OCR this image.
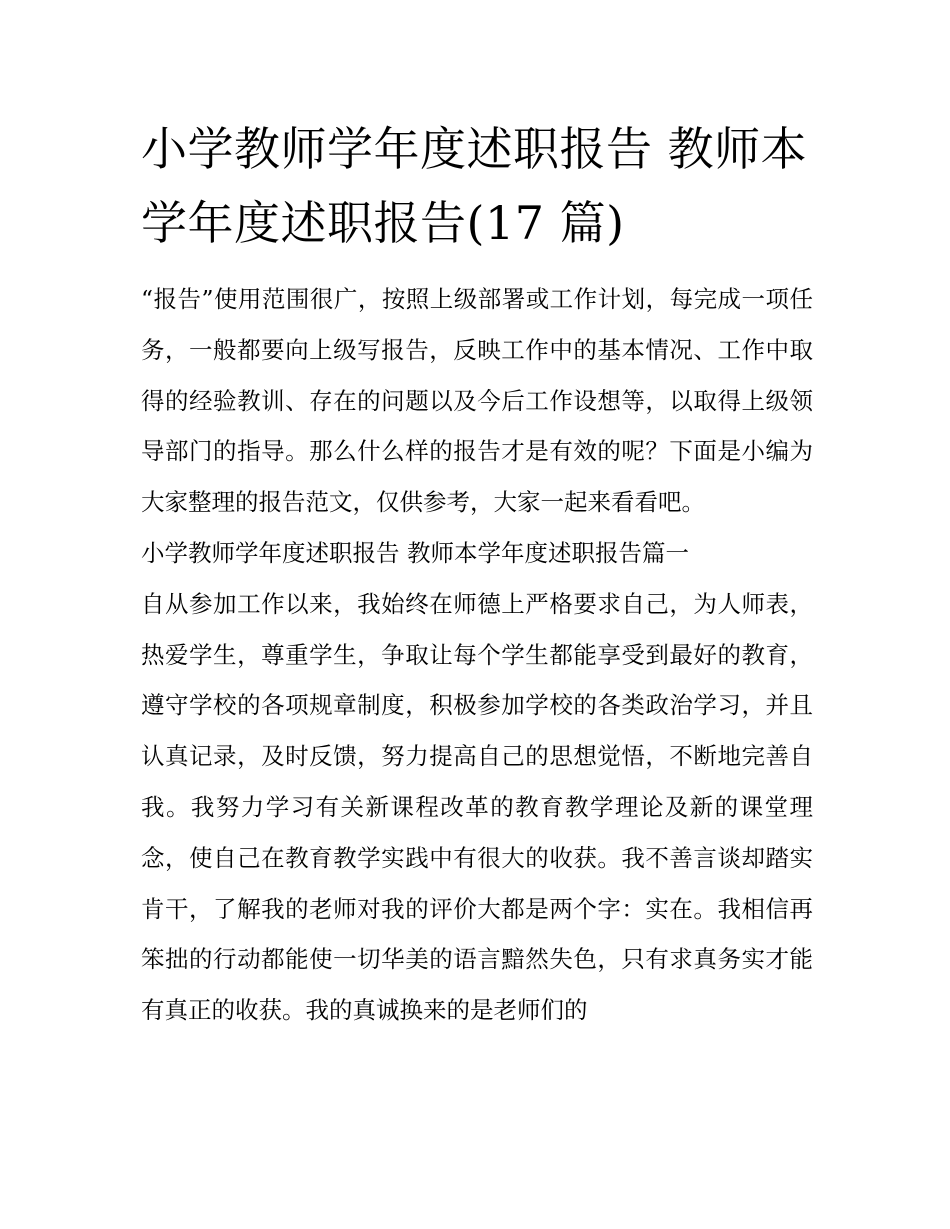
小学教师学年度述职报告 教师本学年度述职报告(17 篇)

“报告”使用范围很广，按照上级部署或工作计划，每完成一项任务，一般都要向上级写报告，反映工作中的基本情况、工作中取得的经验教训、存在的问题以及今后工作设想等，以取得上级领导部门的指导。那么什么样的报告才是有效的呢？下面是小编为大家整理的报告范文，仅供参考，大家一起来看看吧。

小学教师学年度述职报告 教师本学年度述职报告篇一

自从参加工作以来，我始终在师德上严格要求自己，为人师表，热爱学生，尊重学生，争取让每个学生都能享受到最好的教育，遵守学校的各项规章制度，积极参加学校的各类政治学习，并且认真记录，及时反馈，努力提高自己的思想觉悟，不断地完善自我。我努力学习有关新课程改革的教育教学理论及新的课堂理念，使自己在教育教学实践中有很大的收获。我不善言谈却踏实肯干，了解我的老师对我的评价大都是两个字：实在。我相信再笨拙的行动都能使一切华美的语言黯然失色，只有求真务实才能有真正的收获。我的真诚换来的是老师们的
